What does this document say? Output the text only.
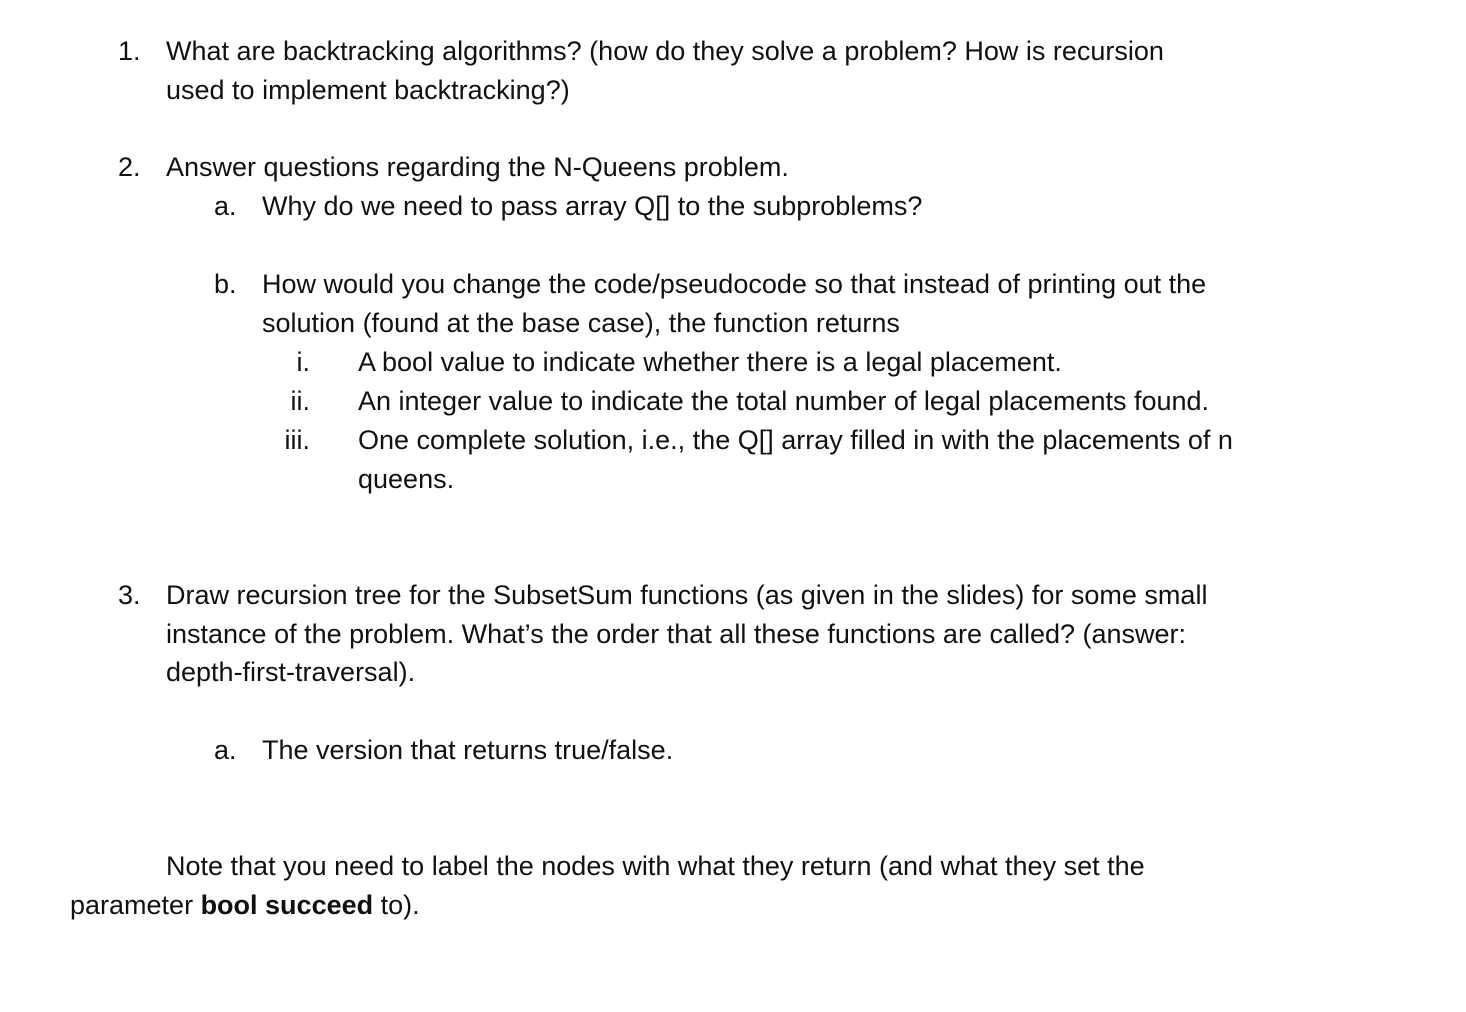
1. What are backtracking algorithms? (how do they solve a problem? How is recursion

used to implement backtracking?)

2. Answer questions regarding the N-Queens problem.

a. Why do we need to pass array Q[] to the subproblems?

b. How would you change the code/pseudocode so that instead of printing out the

solution (found at the base case), the function returns

i. A bool value to indicate whether there is a legal placement.

ii. An integer value to indicate the total number of legal placements found.

iii. One complete solution, i.e., the Q[] array filled in with the placements of n

queens.

3. Draw recursion tree for the SubsetSum functions (as given in the slides) for some small

instance of the problem. What’s the order that all these functions are called? (answer:

depth-first-traversal).

a. The version that returns true/false.

Note that you need to label the nodes with what they return (and what they set the

parameter bool succeed to).
